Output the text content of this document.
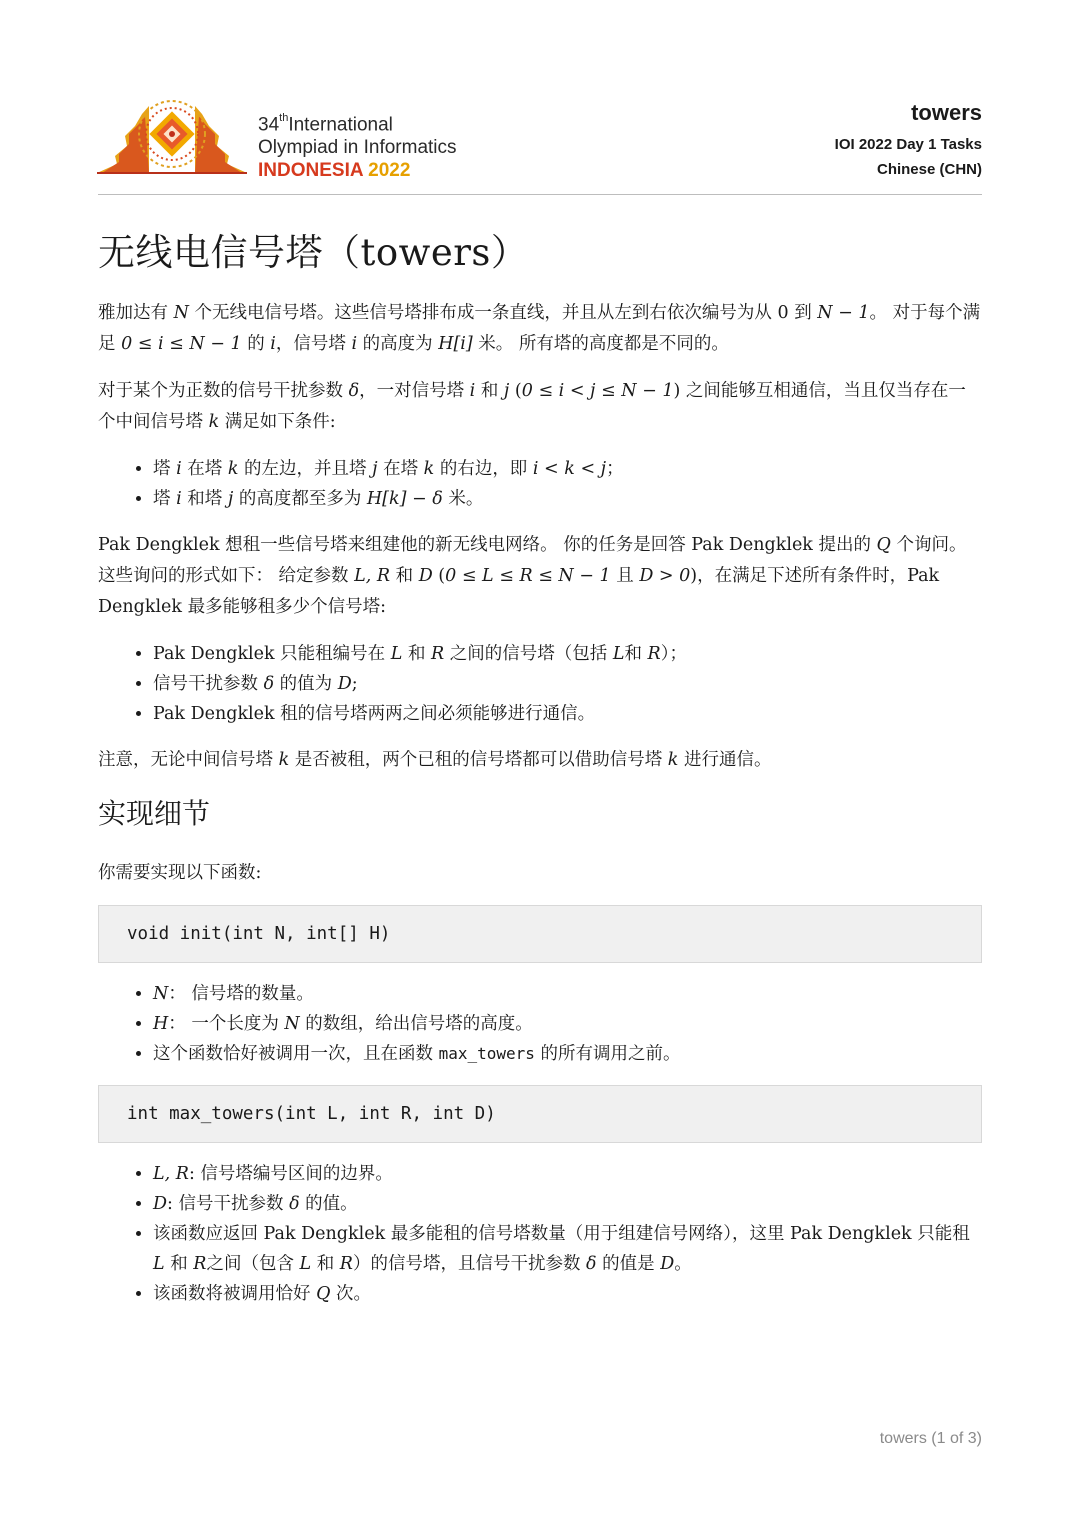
34thInternational
Olympiad in Informatics
INDONESIA 2022
towers
IOI 2022 Day 1 Tasks
Chinese (CHN)
无线电信号塔（towers）

雅加达有 N 个无线电信号塔。这些信号塔排布成一条直线，并且从左到右依次编号为从 0 到 N − 1。 对于每个满足 0 ≤ i ≤ N − 1 的 i，信号塔 i 的高度为 H[i] 米。 所有塔的高度都是不同的。

对于某个为正数的信号干扰参数 δ，一对信号塔 i 和 j (0 ≤ i < j ≤ N − 1) 之间能够互相通信，当且仅当存在一个中间信号塔 k 满足如下条件:

• 塔 i 在塔 k 的左边，并且塔 j 在塔 k 的右边，即 i < k < j；
• 塔 i 和塔 j 的高度都至多为 H[k] − δ 米。

Pak Dengklek 想租一些信号塔来组建他的新无线电网络。 你的任务是回答 Pak Dengklek 提出的 Q 个询问。这些询问的形式如下： 给定参数 L, R 和 D (0 ≤ L ≤ R ≤ N − 1 且 D > 0)，在满足下述所有条件时，Pak Dengklek 最多能够租多少个信号塔:

• Pak Dengklek 只能租编号在 L 和 R 之间的信号塔（包括 L和 R）；
• 信号干扰参数 δ 的值为 D;
• Pak Dengklek 租的信号塔两两之间必须能够进行通信。

注意，无论中间信号塔 k 是否被租，两个已租的信号塔都可以借助信号塔 k 进行通信。

实现细节

你需要实现以下函数:

void init(int N, int[] H)
• N： 信号塔的数量。
• H： 一个长度为 N 的数组，给出信号塔的高度。
• 这个函数恰好被调用一次，且在函数 max_towers 的所有调用之前。
int max_towers(int L, int R, int D)
• L, R: 信号塔编号区间的边界。
• D: 信号干扰参数 δ 的值。
• 该函数应返回 Pak Dengklek 最多能租的信号塔数量（用于组建信号网络），这里 Pak Dengklek 只能租 L 和 R之间（包含 L 和 R）的信号塔，且信号干扰参数 δ 的值是 D。
• 该函数将被调用恰好 Q 次。
towers (1 of 3)
